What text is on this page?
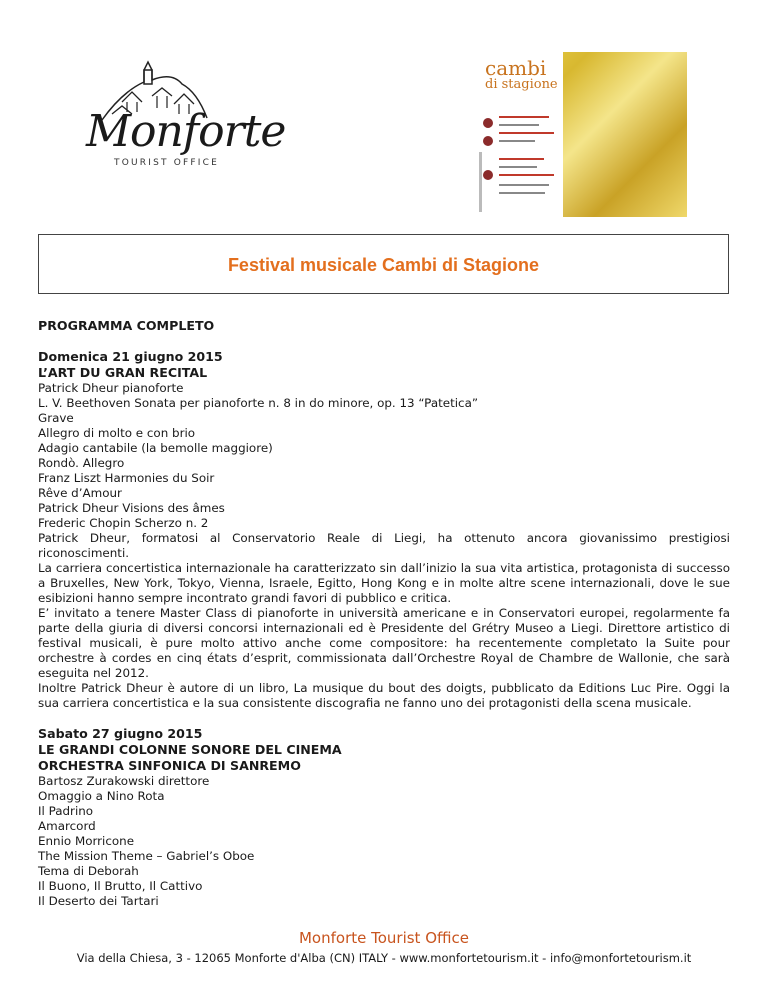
Monforte
TOURIST OFFICE
cambi
di stagione
Festival musicale Cambi di Stagione

PROGRAMMA COMPLETO

Domenica 21 giugno 2015

L’ART DU GRAN RECITAL

Patrick Dheur pianoforte

L. V. Beethoven Sonata per pianoforte n. 8 in do minore, op. 13 “Patetica”

Grave

Allegro di molto e con brio

Adagio cantabile (la bemolle maggiore)

Rondò. Allegro

Franz Liszt Harmonies du Soir

Rêve d’Amour

Patrick Dheur Visions des âmes

Frederic Chopin Scherzo n. 2

Patrick Dheur, formatosi al Conservatorio Reale di Liegi, ha ottenuto ancora giovanissimo prestigiosi riconoscimenti.

La carriera concertistica internazionale ha caratterizzato sin dall’inizio la sua vita artistica, protagonista di successo a Bruxelles, New York, Tokyo, Vienna, Israele, Egitto, Hong Kong e in molte altre scene internazionali, dove le sue esibizioni hanno sempre incontrato grandi favori di pubblico e critica.

E’ invitato a tenere Master Class di pianoforte in università americane e in Conservatori europei, regolarmente fa parte della giuria di diversi concorsi internazionali ed è Presidente del Grétry Museo a Liegi. Direttore artistico di festival musicali, è pure molto attivo anche come compositore: ha recentemente completato la Suite pour orchestre à cordes en cinq états d’esprit, commissionata dall’Orchestre Royal de Chambre de Wallonie, che sarà eseguita nel 2012.

Inoltre Patrick Dheur è autore di un libro, La musique du bout des doigts, pubblicato da Editions Luc Pire. Oggi la sua carriera concertistica e la sua consistente discografia ne fanno uno dei protagonisti della scena musicale.

Sabato 27 giugno 2015

LE GRANDI COLONNE SONORE DEL CINEMA

ORCHESTRA SINFONICA DI SANREMO

Bartosz Zurakowski direttore

Omaggio a Nino Rota

Il Padrino

Amarcord

Ennio Morricone

The Mission Theme – Gabriel’s Oboe

Tema di Deborah

Il Buono, Il Brutto, Il Cattivo

Il Deserto dei Tartari

Monforte Tourist Office
Via della Chiesa, 3 - 12065 Monforte d'Alba (CN) ITALY - www.monfortetourism.it - info@monfortetourism.it
